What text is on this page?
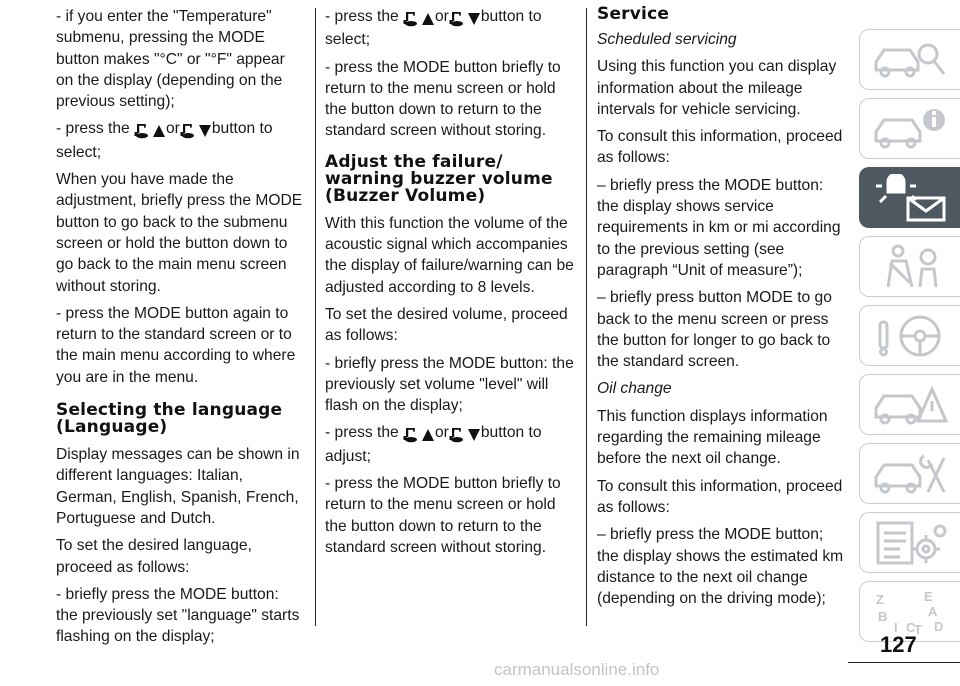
- if you enter the "Temperature" submenu, pressing the MODE button makes "°C" or "°F" appear on the display (depending on the previous setting);

- press the or button to select;

When you have made the adjustment, briefly press the MODE button to go back to the submenu screen or hold the button down to go back to the main menu screen without storing.

- press the MODE button again to return to the standard screen or to the main menu according to where you are in the menu.

Selecting the language (Language)

Display messages can be shown in different languages: Italian, German, English, Spanish, French, Portuguese and Dutch.

To set the desired language, proceed as follows:

- briefly press the MODE button: the previously set "language" starts flashing on the display;

- press the or button to select;

- press the MODE button briefly to return to the menu screen or hold the button down to return to the standard screen without storing.

Adjust the failure/ warning buzzer volume (Buzzer Volume)

With this function the volume of the acoustic signal which accompanies the display of failure/warning can be adjusted according to 8 levels.

To set the desired volume, proceed as follows:

- briefly press the MODE button: the previously set volume "level" will flash on the display;

- press the or button to adjust;

- press the MODE button briefly to return to the menu screen or hold the button down to return to the standard screen without storing.

Service

Scheduled servicing

Using this function you can display information about the mileage intervals for vehicle servicing.

To consult this information, proceed as follows:

– briefly press the MODE button: the display shows service requirements in km or mi according to the previous setting (see paragraph “Unit of measure”);

– briefly press button MODE to go back to the menu screen or press the button for longer to go back to the standard screen.

Oil change

This function displays information regarding the remaining mileage before the next oil change.

To consult this information, proceed as follows:

– briefly press the MODE button; the display shows the estimated km distance to the next oil change (depending on the driving mode);	Z	E
A
B
C D
I T
127
carmanualsonline.info
